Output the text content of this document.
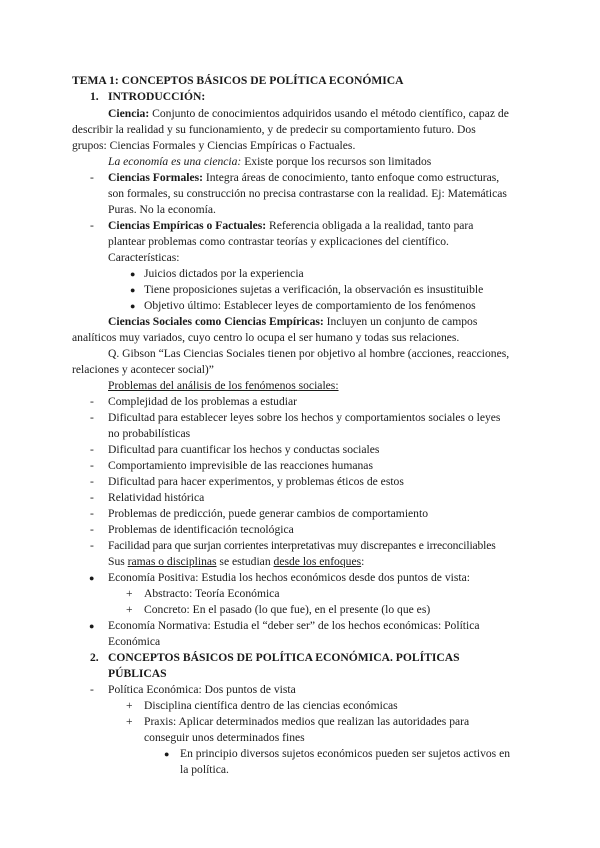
TEMA 1: CONCEPTOS BÁSICOS DE POLÍTICA ECONÓMICA
1. INTRODUCCIÓN:
Ciencia: Conjunto de conocimientos adquiridos usando el método científico, capaz de
describir la realidad y su funcionamiento, y de predecir su comportamiento futuro. Dos
grupos: Ciencias Formales y Ciencias Empíricas o Factuales.
La economía es una ciencia: Existe porque los recursos son limitados
- Ciencias Formales: Integra áreas de conocimiento, tanto enfoque como estructuras,
son formales, su construcción no precisa contrastarse con la realidad. Ej: Matemáticas
Puras. No la economía.
- Ciencias Empíricas o Factuales: Referencia obligada a la realidad, tanto para
plantear problemas como contrastar teorías y explicaciones del científico.
Características:
● Juicios dictados por la experiencia
● Tiene proposiciones sujetas a verificación, la observación es insustituible
● Objetivo último: Establecer leyes de comportamiento de los fenómenos
Ciencias Sociales como Ciencias Empíricas: Incluyen un conjunto de campos
analíticos muy variados, cuyo centro lo ocupa el ser humano y todas sus relaciones.
Q. Gibson “Las Ciencias Sociales tienen por objetivo al hombre (acciones, reacciones,
relaciones y acontecer social)”
Problemas del análisis de los fenómenos sociales:
- Complejidad de los problemas a estudiar
- Dificultad para establecer leyes sobre los hechos y comportamientos sociales o leyes
no probabilísticas
- Dificultad para cuantificar los hechos y conductas sociales
- Comportamiento imprevisible de las reacciones humanas
- Dificultad para hacer experimentos, y problemas éticos de estos
- Relatividad histórica
- Problemas de predicción, puede generar cambios de comportamiento
- Problemas de identificación tecnológica
- Facilidad para que surjan corrientes interpretativas muy discrepantes e irreconciliables
Sus ramas o disciplinas se estudian desde los enfoques:
● Economía Positiva: Estudia los hechos económicos desde dos puntos de vista:
+ Abstracto: Teoría Económica
+ Concreto: En el pasado (lo que fue), en el presente (lo que es)
● Economía Normativa: Estudia el “deber ser” de los hechos económicas: Política
Económica
2. CONCEPTOS BÁSICOS DE POLÍTICA ECONÓMICA. POLÍTICAS
PÚBLICAS
- Política Económica: Dos puntos de vista
+ Disciplina científica dentro de las ciencias económicas
+ Praxis: Aplicar determinados medios que realizan las autoridades para
conseguir unos determinados fines
● En principio diversos sujetos económicos pueden ser sujetos activos en
la política.
